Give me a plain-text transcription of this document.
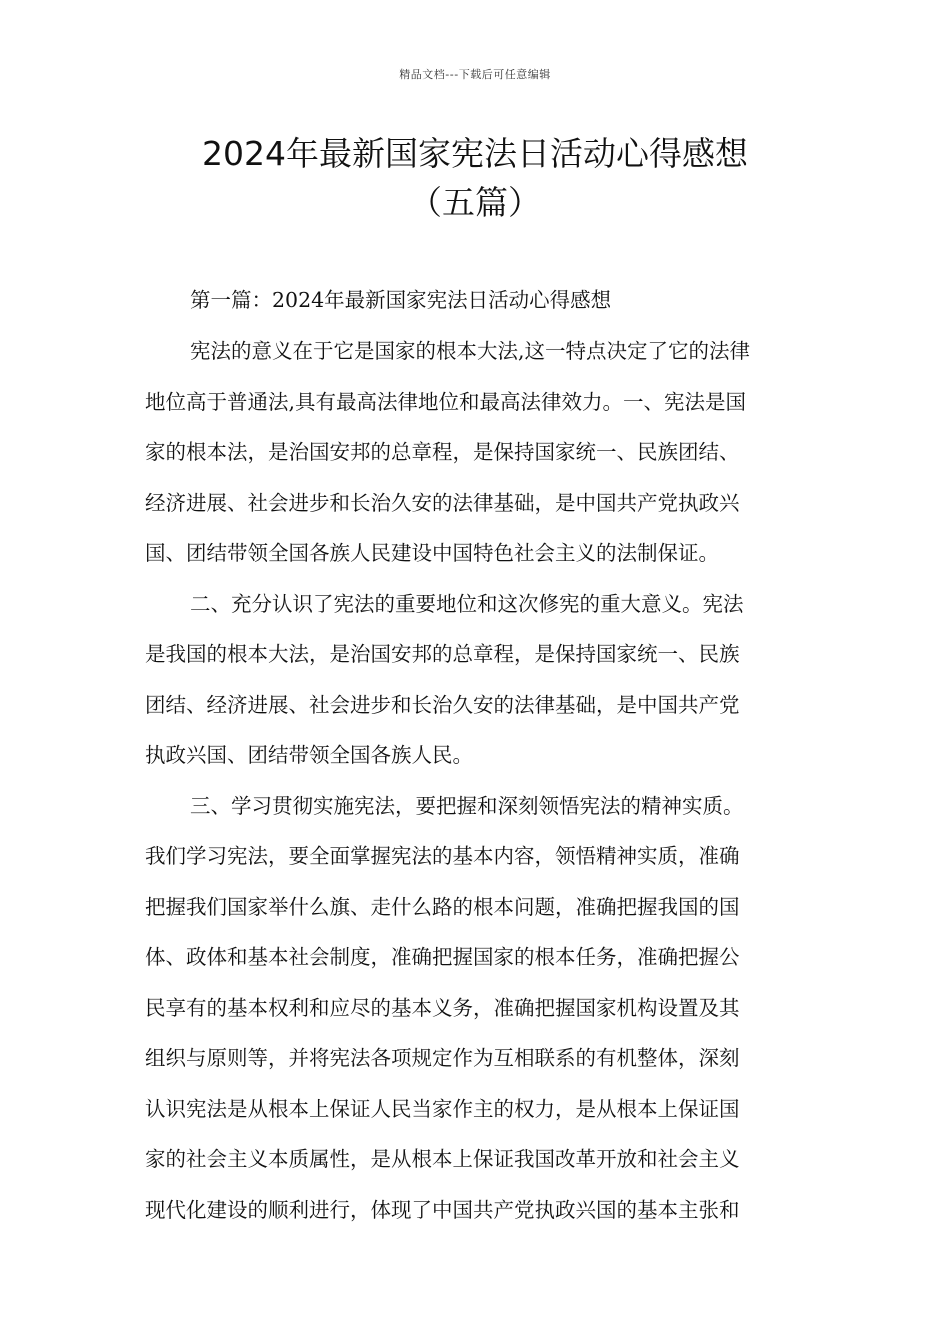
精品文档---下载后可任意编辑
2024年最新国家宪法日活动心得感想
（五篇）
第一篇：2024年最新国家宪法日活动心得感想
宪法的意义在于它是国家的根本大法,这一特点决定了它的法律
地位高于普通法,具有最高法律地位和最高法律效力。一、宪法是国
家的根本法，是治国安邦的总章程，是保持国家统一、民族团结、
经济进展、社会进步和长治久安的法律基础，是中国共产党执政兴
国、团结带领全国各族人民建设中国特色社会主义的法制保证。
二、充分认识了宪法的重要地位和这次修宪的重大意义。宪法
是我国的根本大法，是治国安邦的总章程，是保持国家统一、民族
团结、经济进展、社会进步和长治久安的法律基础，是中国共产党
执政兴国、团结带领全国各族人民。
三、学习贯彻实施宪法，要把握和深刻领悟宪法的精神实质。
我们学习宪法，要全面掌握宪法的基本内容，领悟精神实质，准确
把握我们国家举什么旗、走什么路的根本问题，准确把握我国的国
体、政体和基本社会制度，准确把握国家的根本任务，准确把握公
民享有的基本权利和应尽的基本义务，准确把握国家机构设置及其
组织与原则等，并将宪法各项规定作为互相联系的有机整体，深刻
认识宪法是从根本上保证人民当家作主的权力，是从根本上保证国
家的社会主义本质属性，是从根本上保证我国改革开放和社会主义
现代化建设的顺利进行，体现了中国共产党执政兴国的基本主张和
